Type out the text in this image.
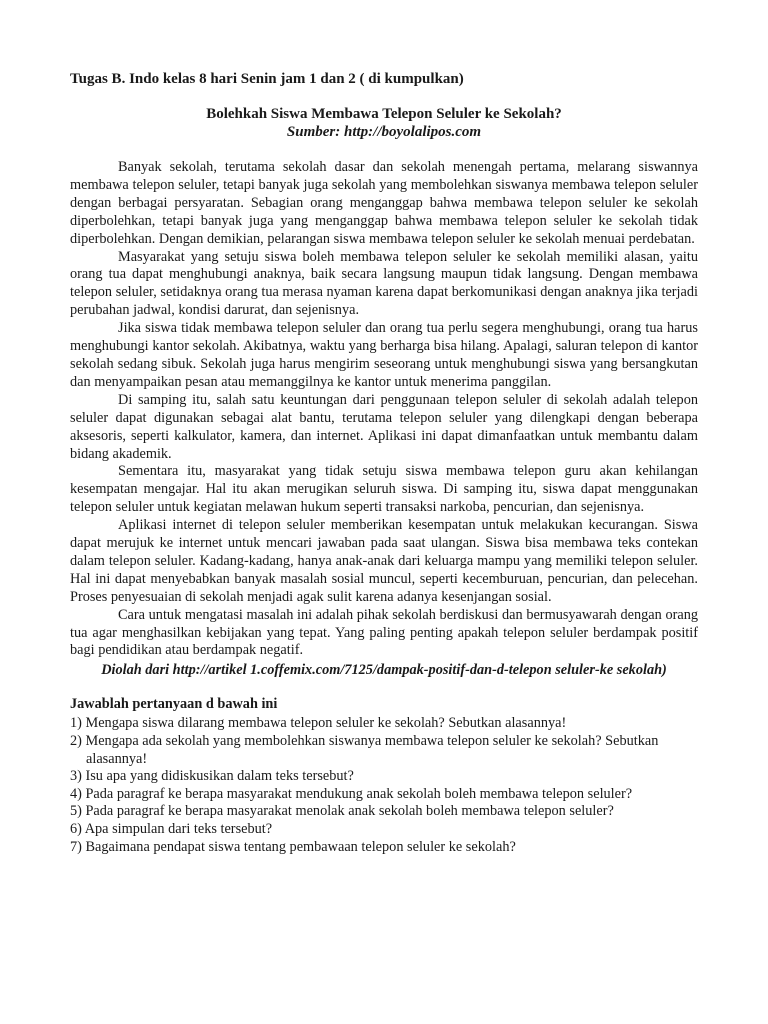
Tugas B. Indo kelas 8 hari Senin jam 1 dan 2 ( di kumpulkan)
Bolehkah Siswa Membawa Telepon Seluler ke Sekolah?
Sumber: http://boyolalipos.com

Banyak sekolah, terutama sekolah dasar dan sekolah menengah pertama, melarang siswannya membawa telepon seluler, tetapi banyak juga sekolah yang membolehkan siswanya membawa telepon seluler dengan berbagai persyaratan. Sebagian orang menganggap bahwa membawa telepon seluler ke sekolah diperbolehkan, tetapi banyak juga yang menganggap bahwa membawa telepon seluler ke sekolah tidak diperbolehkan. Dengan demikian, pelarangan siswa membawa telepon seluler ke sekolah menuai perdebatan.

Masyarakat yang setuju siswa boleh membawa telepon seluler ke sekolah memiliki alasan, yaitu orang tua dapat menghubungi anaknya, baik secara langsung maupun tidak langsung. Dengan membawa telepon seluler, setidaknya orang tua merasa nyaman karena dapat berkomunikasi dengan anaknya jika terjadi perubahan jadwal, kondisi darurat, dan sejenisnya.

Jika siswa tidak membawa telepon seluler dan orang tua perlu segera menghubungi, orang tua harus menghubungi kantor sekolah. Akibatnya, waktu yang berharga bisa hilang. Apalagi, saluran telepon di kantor sekolah sedang sibuk. Sekolah juga harus mengirim seseorang untuk menghubungi siswa yang bersangkutan dan menyampaikan pesan atau memanggilnya ke kantor untuk menerima panggilan.

Di samping itu, salah satu keuntungan dari penggunaan telepon seluler di sekolah adalah telepon seluler dapat digunakan sebagai alat bantu, terutama telepon seluler yang dilengkapi dengan beberapa aksesoris, seperti kalkulator, kamera, dan internet. Aplikasi ini dapat dimanfaatkan untuk membantu dalam bidang akademik.

Sementara itu, masyarakat yang tidak setuju siswa membawa telepon guru akan kehilangan kesempatan mengajar. Hal itu akan merugikan seluruh siswa. Di samping itu, siswa dapat menggunakan telepon seluler untuk kegiatan melawan hukum seperti transaksi narkoba, pencurian, dan sejenisnya.

Aplikasi internet di telepon seluler memberikan kesempatan untuk melakukan kecurangan. Siswa dapat merujuk ke internet untuk mencari jawaban pada saat ulangan. Siswa bisa membawa teks contekan dalam telepon seluler. Kadang-kadang, hanya anak-anak dari keluarga mampu yang memiliki telepon seluler. Hal ini dapat menyebabkan banyak masalah sosial muncul, seperti kecemburuan, pencurian, dan pelecehan. Proses penyesuaian di sekolah menjadi agak sulit karena adanya kesenjangan sosial.

Cara untuk mengatasi masalah ini adalah pihak sekolah berdiskusi dan bermusyawarah dengan orang tua agar menghasilkan kebijakan yang tepat. Yang paling penting apakah telepon seluler berdampak positif bagi pendidikan atau berdampak negatif.

Diolah dari http://artikel 1.coffemix.com/7125/dampak-positif-dan-d-telepon seluler-ke sekolah)
Jawablah pertanyaan d bawah ini
1) Mengapa siswa dilarang membawa telepon seluler ke sekolah? Sebutkan alasannya!
2) Mengapa ada sekolah yang membolehkan siswanya membawa telepon seluler ke sekolah? Sebutkan alasannya!
3) Isu apa yang didiskusikan dalam teks tersebut?
4) Pada paragraf ke berapa masyarakat mendukung anak sekolah boleh membawa telepon seluler?
5) Pada paragraf ke berapa masyarakat menolak anak sekolah boleh membawa telepon seluler?
6) Apa simpulan dari teks tersebut?
7) Bagaimana pendapat siswa tentang pembawaan telepon seluler ke sekolah?
